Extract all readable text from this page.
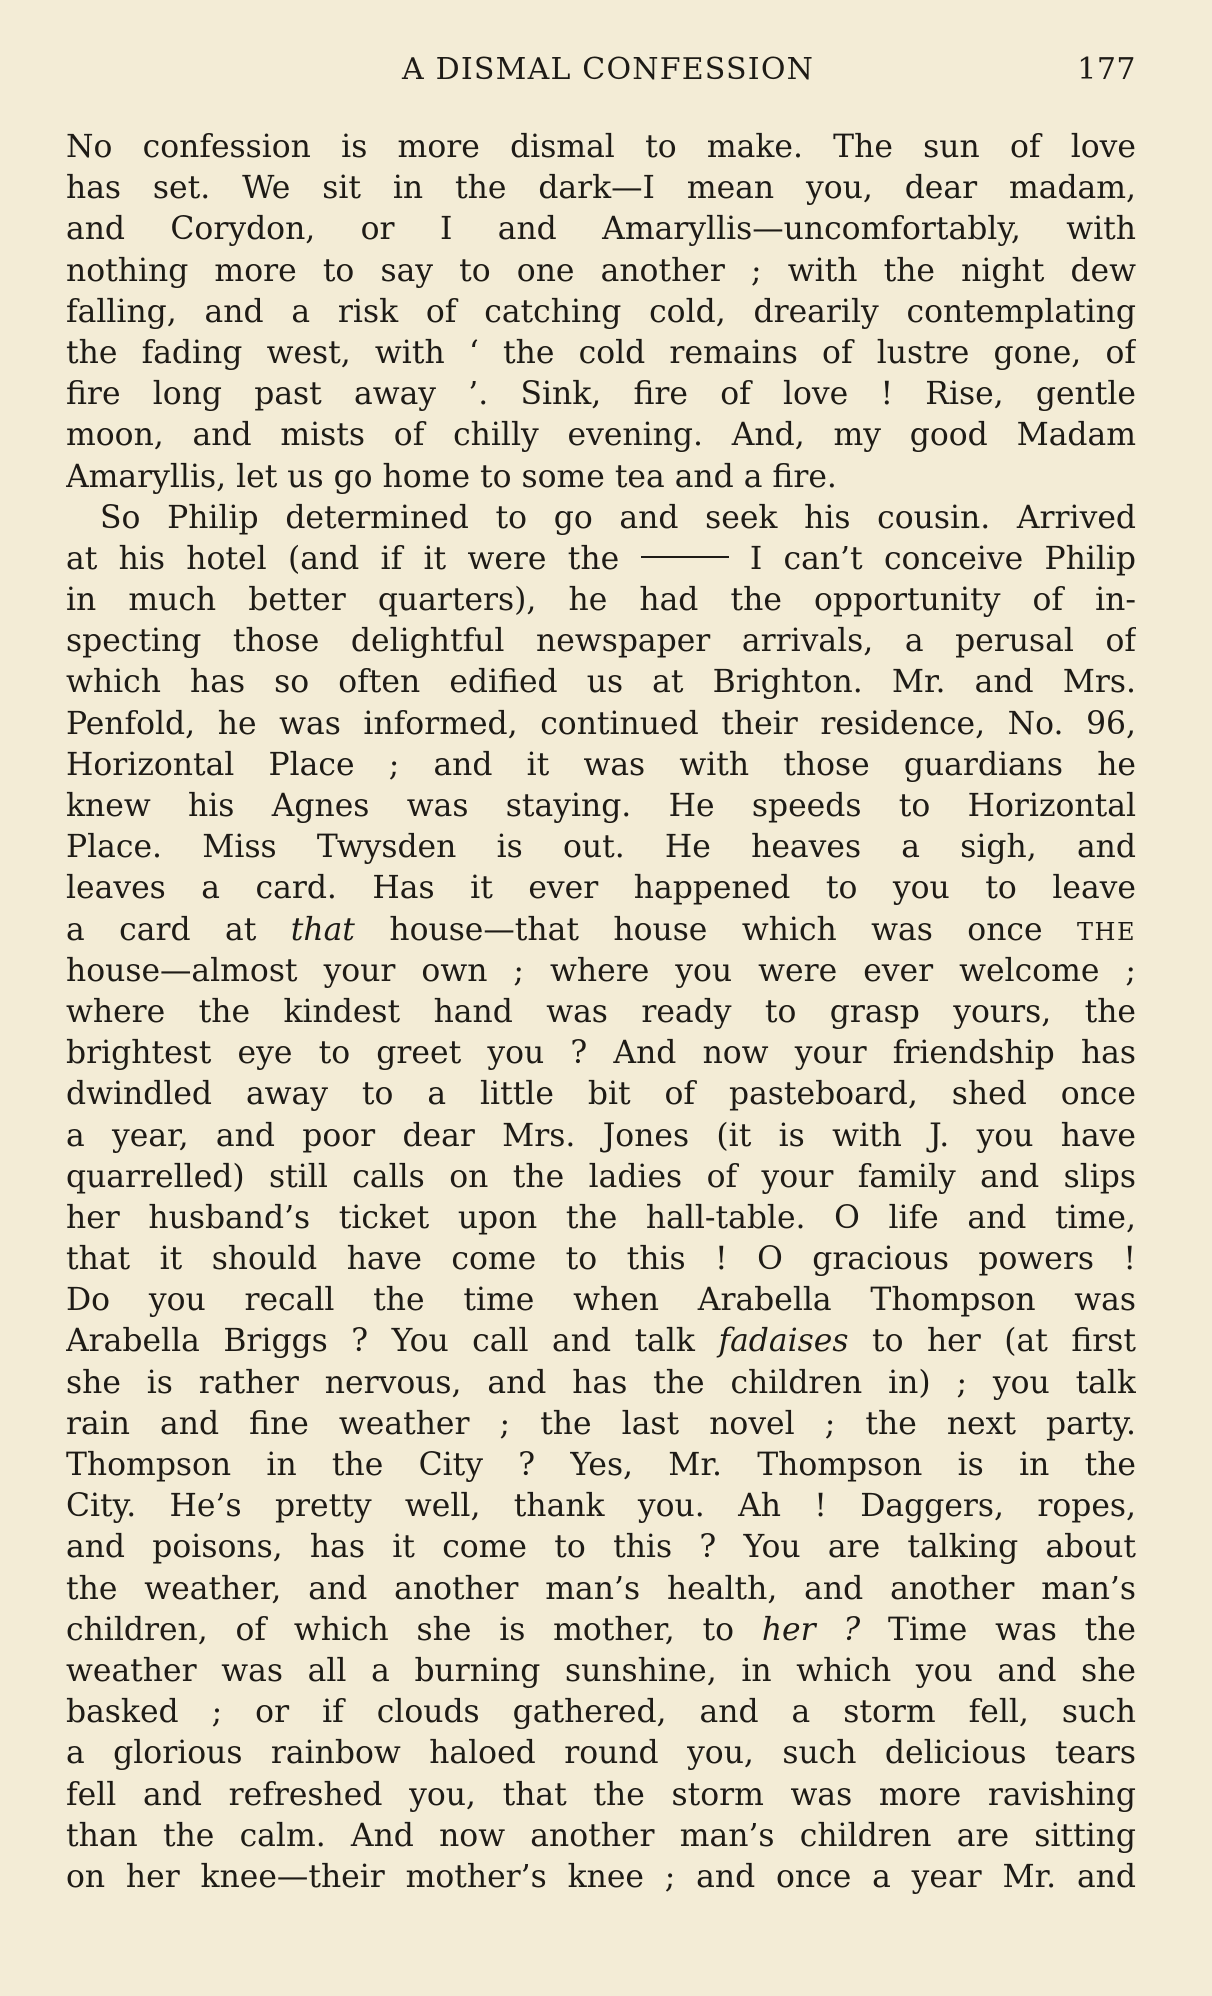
A DISMAL CONFESSION	177
No confession is more dismal to make. The sun of love
has set. We sit in the dark—I mean you, dear madam,
and Corydon, or I and Amaryllis—uncomfortably, with
nothing more to say to one another ; with the night dew
falling, and a risk of catching cold, drearily contemplating
the fading west, with ‘ the cold remains of lustre gone, of
fire long past away ’. Sink, fire of love ! Rise, gentle
moon, and mists of chilly evening. And, my good Madam
Amaryllis, let us go home to some tea and a fire.
So Philip determined to go and seek his cousin. Arrived
at his hotel (and if it were the	I can’t conceive Philip
in much better quarters), he had the opportunity of in-
specting those delightful newspaper arrivals, a perusal of
which has so often edified us at Brighton. Mr. and Mrs.
Penfold, he was informed, continued their residence, No. 96,
Horizontal Place ; and it was with those guardians he
knew his Agnes was staying. He speeds to Horizontal
Place. Miss Twysden is out. He heaves a sigh, and
leaves a card. Has it ever happened to you to leave
a card at that house—that house which was once THE
house—almost your own ; where you were ever welcome ;
where the kindest hand was ready to grasp yours, the
brightest eye to greet you ? And now your friendship has
dwindled away to a little bit of pasteboard, shed once
a year, and poor dear Mrs. Jones (it is with J. you have
quarrelled) still calls on the ladies of your family and slips
her husband’s ticket upon the hall-table. O life and time,
that it should have come to this ! O gracious powers !
Do you recall the time when Arabella Thompson was
Arabella Briggs ? You call and talk fadaises to her (at first
she is rather nervous, and has the children in) ; you talk
rain and fine weather ; the last novel ; the next party.
Thompson in the City ? Yes, Mr. Thompson is in the
City. He’s pretty well, thank you. Ah ! Daggers, ropes,
and poisons, has it come to this ? You are talking about
the weather, and another man’s health, and another man’s
children, of which she is mother, to her ? Time was the
weather was all a burning sunshine, in which you and she
basked ; or if clouds gathered, and a storm fell, such
a glorious rainbow haloed round you, such delicious tears
fell and refreshed you, that the storm was more ravishing
than the calm. And now another man’s children are sitting
on her knee—their mother’s knee ; and once a year Mr. and
